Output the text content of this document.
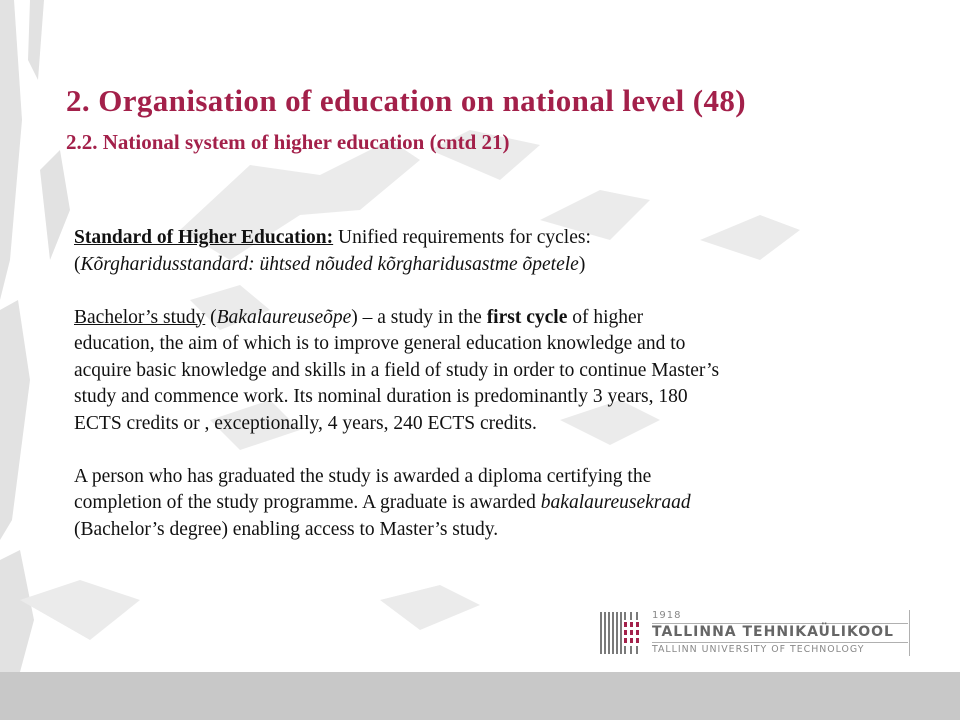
2. Organisation of education on national level (48)
2.2. National system of higher education (cntd 21)

Standard of Higher Education: Unified requirements for cycles:

(Kõrgharidusstandard: ühtsed nõuded kõrgharidusastme õpetele)

Bachelor’s study (Bakalaureuseõpe) – a study in the first cycle of higher

education, the aim of which is to improve general education knowledge and to

acquire basic knowledge and skills in a field of study in order to continue Master’s

study and commence work. Its nominal duration is predominantly 3 years, 180

ECTS credits or , exceptionally, 4 years, 240 ECTS credits.

A person who has graduated the study is awarded a diploma certifying the

completion of the study programme. A graduate is awarded bakalaureusekraad

(Bachelor’s degree) enabling access to Master’s study.

1918
TALLINNA TEHNIKAÜLIKOOL
TALLINN UNIVERSITY OF TECHNOLOGY
